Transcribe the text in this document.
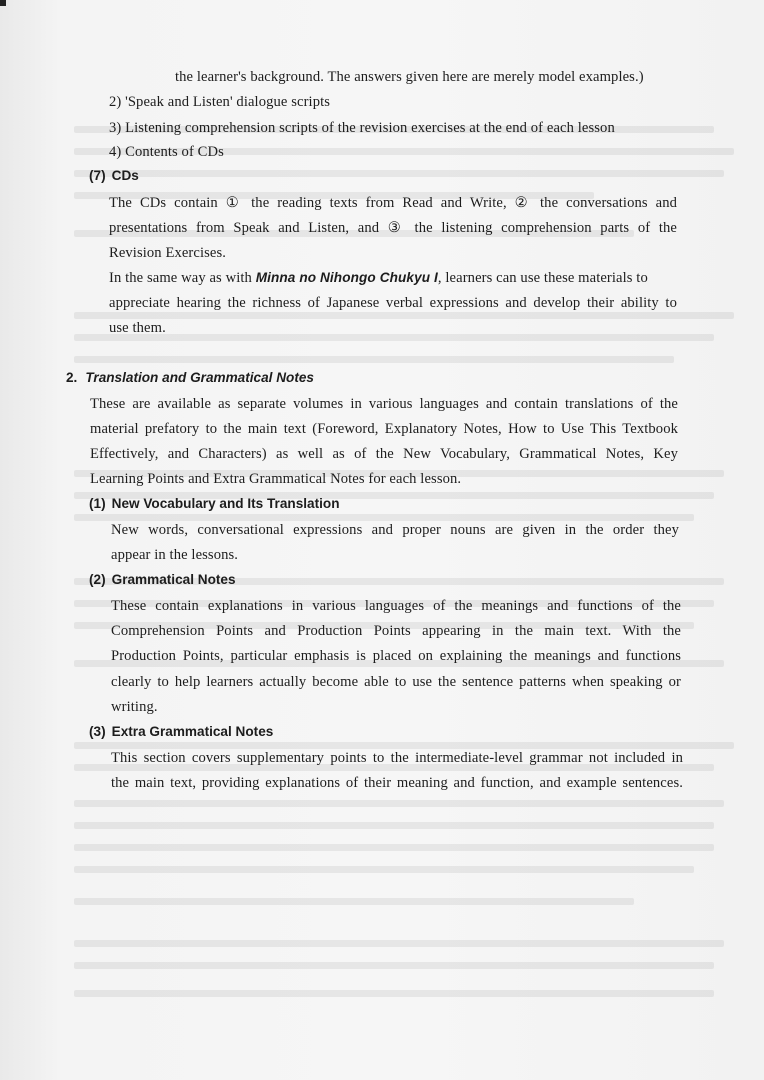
the learner's background. The answers given here are merely model examples.)
2) 'Speak and Listen' dialogue scripts
3) Listening comprehension scripts of the revision exercises at the end of each lesson
4) Contents of CDs
(7) CDs
The CDs contain ① the reading texts from Read and Write, ② the conversations and
presentations from Speak and Listen, and ③ the listening comprehension parts of the
Revision Exercises.
In the same way as with Minna no Nihongo Chukyu I, learners can use these materials to
appreciate hearing the richness of Japanese verbal expressions and develop their ability to
use them.
2. Translation and Grammatical Notes
These are available as separate volumes in various languages and contain translations of the
material prefatory to the main text (Foreword, Explanatory Notes, How to Use This Textbook
Effectively, and Characters) as well as of the New Vocabulary, Grammatical Notes, Key
Learning Points and Extra Grammatical Notes for each lesson.
(1) New Vocabulary and Its Translation
New words, conversational expressions and proper nouns are given in the order they
appear in the lessons.
(2) Grammatical Notes
These contain explanations in various languages of the meanings and functions of the
Comprehension Points and Production Points appearing in the main text. With the
Production Points, particular emphasis is placed on explaining the meanings and functions
clearly to help learners actually become able to use the sentence patterns when speaking or
writing.
(3) Extra Grammatical Notes
This section covers supplementary points to the intermediate-level grammar not included in
the main text, providing explanations of their meaning and function, and example sentences.
